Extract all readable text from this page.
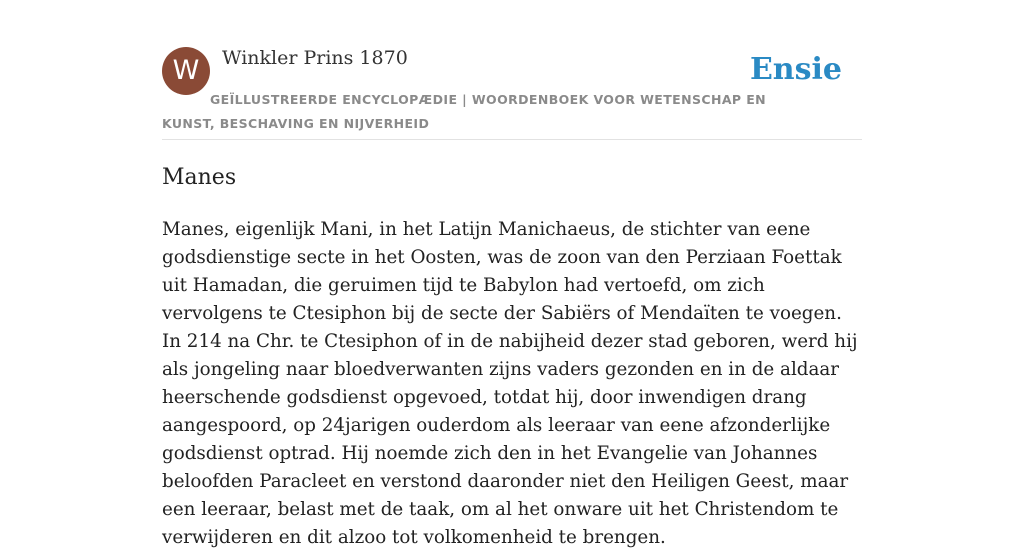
W	Winkler Prins 1870	Ensie
GEÏLLUSTREERDE ENCYCLOPÆDIE | WOORDENBOEK VOOR WETENSCHAP EN KUNST, BESCHAVING EN NIJVERHEID
Manes

Manes, eigenlijk Mani, in het Latijn Manichaeus, de stichter van eene godsdienstige secte in het Oosten, was de zoon van den Perziaan Foettak uit Hamadan, die geruimen tijd te Babylon had vertoefd, om zich vervolgens te Ctesiphon bij de secte der Sabiërs of Mendaïten te voegen. In 214 na Chr. te Ctesiphon of in de nabijheid dezer stad geboren, werd hij als jongeling naar bloedverwanten zijns vaders gezonden en in de aldaar heerschende godsdienst opgevoed, totdat hij, door inwendigen drang aangespoord, op 24jarigen ouderdom als leeraar van eene afzonderlijke godsdienst optrad. Hij noemde zich den in het Evangelie van Johannes beloofden Paracleet en verstond daaronder niet den Heiligen Geest, maar een leeraar, belast met de taak, om al het onware uit het Christendom te verwijderen en dit alzoo tot volkomenheid te brengen.
